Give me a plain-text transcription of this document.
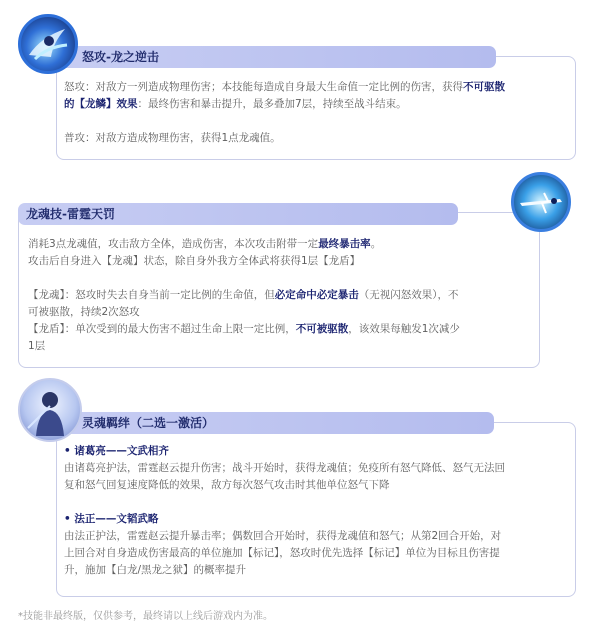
怒攻-龙之逆击

怒攻：对敌方一列造成物理伤害；本技能每造成自身最大生命值一定比例的伤害，获得不可驱散

的【龙鳞】效果：最终伤害和暴击提升，最多叠加7层，持续至战斗结束。

普攻：对敌方造成物理伤害，获得1点龙魂值。

龙魂技-雷霆天罚

消耗3点龙魂值，攻击敌方全体，造成伤害，本次攻击附带一定最终暴击率。

攻击后自身进入【龙魂】状态，除自身外我方全体武将获得1层【龙盾】

【龙魂】：怒攻时失去自身当前一定比例的生命值，但必定命中必定暴击（无视闪怒效果），不

可被驱散，持续2次怒攻

【龙盾】：单次受到的最大伤害不超过生命上限一定比例，不可被驱散，该效果每触发1次减少

1层

灵魂羁绊（二选一激活）

• 诸葛亮——文武相齐

由诸葛亮护法，雷霆赵云提升伤害；战斗开始时，获得龙魂值；免疫所有怒气降低、怒气无法回

复和怒气回复速度降低的效果，敌方每次怒气攻击时其他单位怒气下降

• 法正——文韬武略

由法正护法，雷霆赵云提升暴击率；偶数回合开始时，获得龙魂值和怒气；从第2回合开始，对

上回合对自身造成伤害最高的单位施加【标记】，怒攻时优先选择【标记】单位为目标且伤害提

升，施加【白龙/黑龙之狱】的概率提升

*技能非最终版，仅供参考，最终请以上线后游戏内为准。
